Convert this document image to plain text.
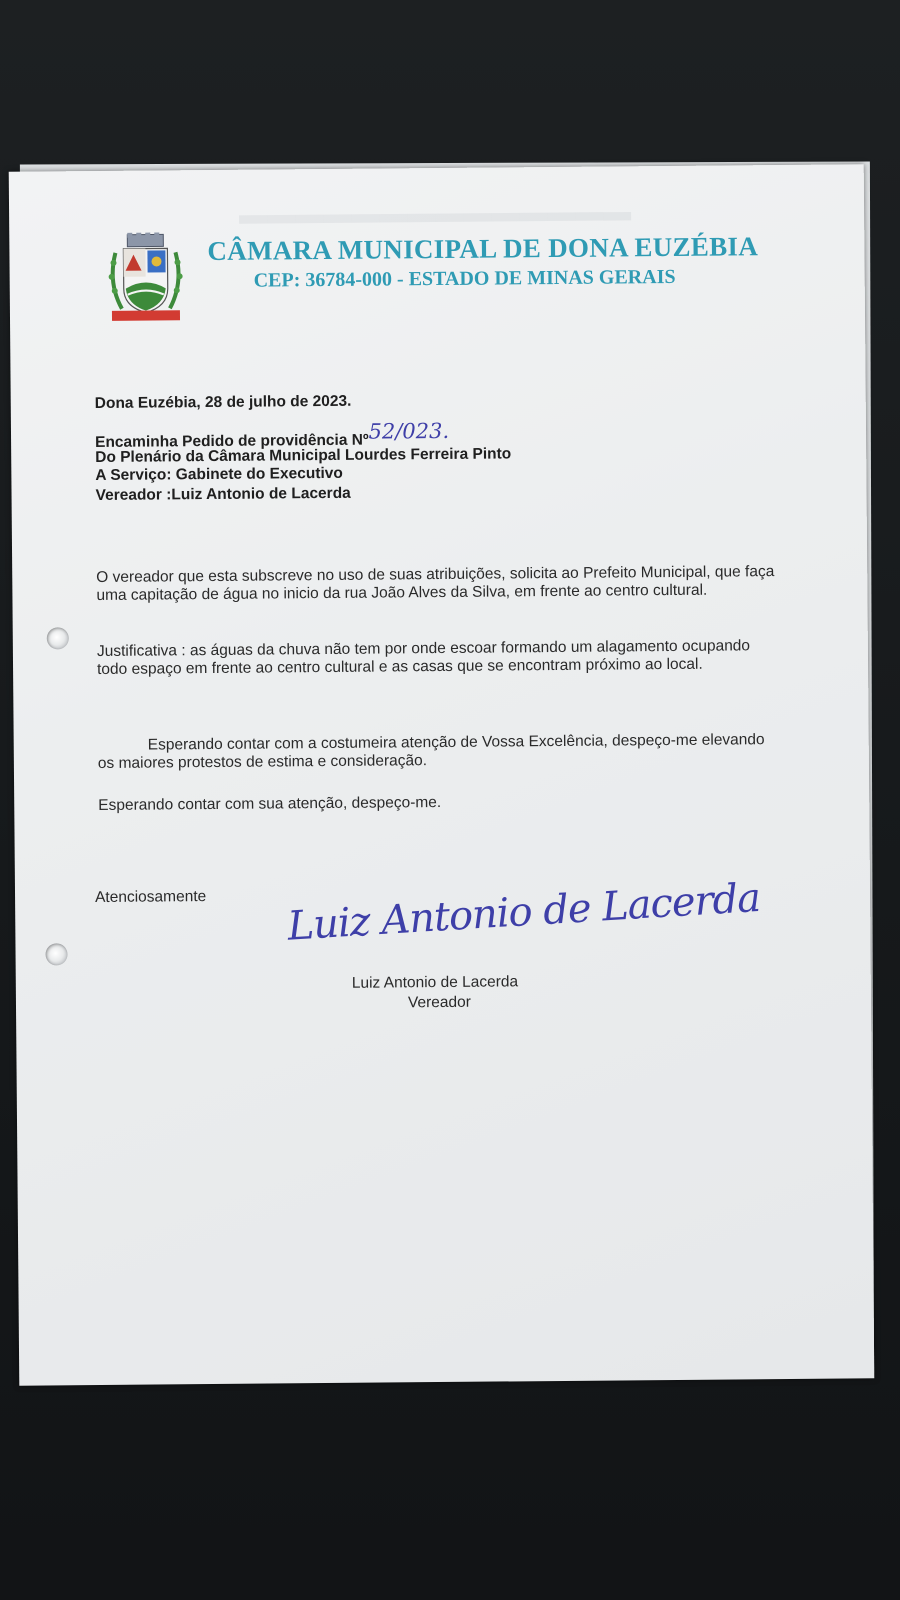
▬▬▬▬▬▬▬▬▬▬▬▬▬▬
CÂMARA MUNICIPAL DE DONA EUZÉBIA
CEP: 36784-000 - ESTADO DE MINAS GERAIS
Dona Euzébia, 28 de julho de 2023.
Encaminha Pedido de providência Nº52/023.
Do Plenário da Câmara Municipal Lourdes Ferreira Pinto
A Serviço: Gabinete do Executivo
Vereador :Luiz Antonio de Lacerda
O vereador que esta subscreve no uso de suas atribuições, solicita ao Prefeito Municipal, que faça uma capitação de água no inicio da rua João Alves da Silva, em frente ao centro cultural.
Justificativa : as águas da chuva não tem por onde escoar formando um alagamento ocupando todo espaço em frente ao centro cultural e as casas que se encontram próximo ao local.
Esperando contar com a costumeira atenção de Vossa Excelência, despeço-me elevando os maiores protestos de estima e consideração.
Esperando contar com sua atenção, despeço-me.
Atenciosamente Luiz Antonio de Lacerda
Luiz Antonio de Lacerda
Vereador
